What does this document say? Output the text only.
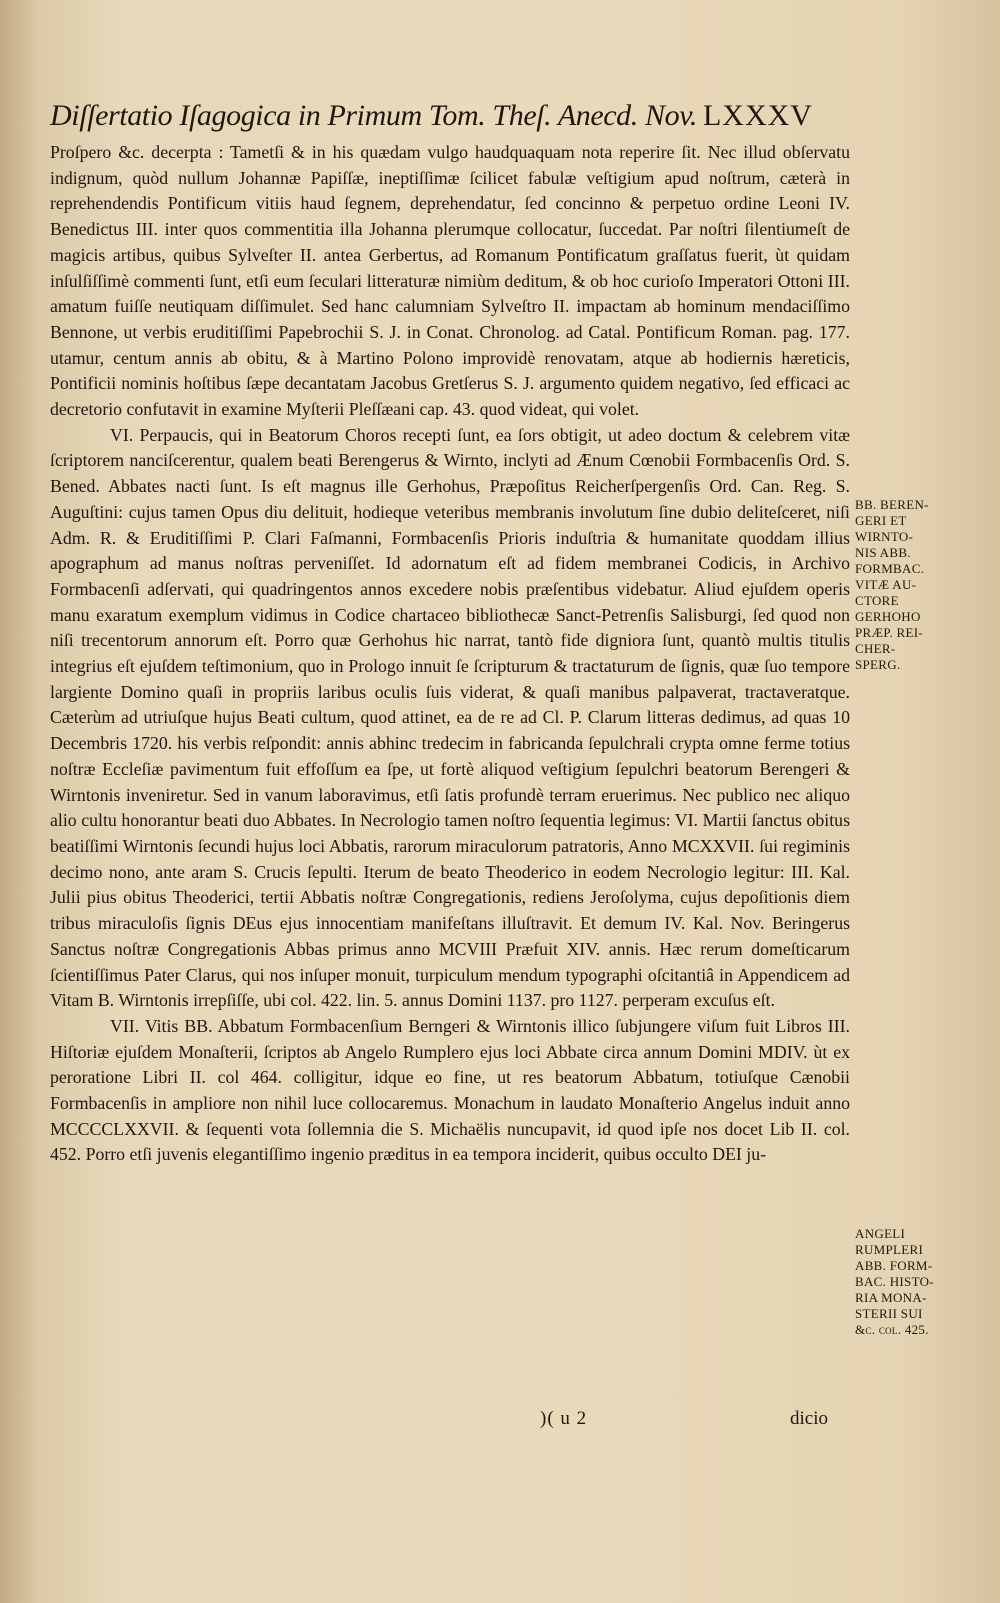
Diſſertatio Iſagogica in Primum Tom. Theſ. Anecd. Nov. LXXXV

Proſpero &c. decerpta : Tametſi & in his quædam vulgo haudquaquam nota reperire ſit. Nec illud obſervatu indignum, quòd nullum Johannæ Papiſſæ, ineptiſſimæ ſcilicet fabulæ veſtigium apud noſtrum, cæterà in reprehendendis Pontificum vitiis haud ſegnem, deprehendatur, ſed concinno & perpetuo ordine Leoni IV. Benedictus III. inter quos commentitia illa Johanna plerumque collocatur, ſuccedat. Par noſtri ſilentiumeſt de magicis artibus, quibus Sylveſter II. antea Gerbertus, ad Romanum Pontificatum graſſatus fuerit, ùt quidam inſulſiſſimè commenti ſunt, etſi eum ſeculari litteraturæ nimiùm deditum, & ob hoc curioſo Imperatori Ottoni III. amatum fuiſſe neutiquam diſſimulet. Sed hanc calumniam Sylveſtro II. impactam ab hominum mendaciſſimo Bennone, ut verbis eruditiſſimi Papebrochii S. J. in Conat. Chronolog. ad Catal. Pontificum Roman. pag. 177. utamur, centum annis ab obitu, & à Martino Polono improvidè renovatam, atque ab hodiernis hæreticis, Pontificii nominis hoſtibus ſæpe decantatam Jacobus Gretſerus S. J. argumento quidem negativo, ſed efficaci ac decretorio confutavit in examine Myſterii Pleſſæani cap. 43. quod videat, qui volet.

VI. Perpaucis, qui in Beatorum Choros recepti ſunt, ea ſors obtigit, ut adeo doctum & celebrem vitæ ſcriptorem nanciſcerentur, qualem beati Berengerus & Wirnto, inclyti ad Ænum Cœnobii Formbacenſis Ord. S. Bened. Abbates nacti ſunt. Is eſt magnus ille Gerhohus, Præpoſitus Reicherſpergenſis Ord. Can. Reg. S. Auguſtini: cujus tamen Opus diu delituit, hodieque veteribus membranis involutum ſine dubio deliteſceret, niſi Adm. R. & Eruditiſſimi P. Clari Faſmanni, Formbacenſis Prioris induſtria & humanitate quoddam illius apographum ad manus noſtras perveniſſet. Id adornatum eſt ad fidem membranei Codicis, in Archivo Formbacenſi adſervati, qui quadringentos annos excedere nobis præſentibus videbatur. Aliud ejuſdem operis manu exaratum exemplum vidimus in Codice chartaceo bibliothecæ Sanct-Petrenſis Salisburgi, ſed quod non niſi trecentorum annorum eſt. Porro quæ Gerhohus hic narrat, tantò fide digniora ſunt, quantò multis titulis integrius eſt ejuſdem teſtimonium, quo in Prologo innuit ſe ſcripturum & tractaturum de ſignis, quæ ſuo tempore largiente Domino quaſi in propriis laribus oculis ſuis viderat, & quaſi manibus palpaverat, tractaveratque. Cæterùm ad utriuſque hujus Beati cultum, quod attinet, ea de re ad Cl. P. Clarum litteras dedimus, ad quas 10 Decembris 1720. his verbis reſpondit: annis abhinc tredecim in fabricanda ſepulchrali crypta omne ferme totius noſtræ Eccleſiæ pavimentum fuit effoſſum ea ſpe, ut fortè aliquod veſtigium ſepulchri beatorum Berengeri & Wirntonis inveniretur. Sed in vanum laboravimus, etſi ſatis profundè terram eruerimus. Nec publico nec aliquo alio cultu honorantur beati duo Abbates. In Necrologio tamen noſtro ſequentia legimus: VI. Martii ſanctus obitus beatiſſimi Wirntonis ſecundi hujus loci Abbatis, rarorum miraculorum patratoris, Anno MCXXVII. ſui regiminis decimo nono, ante aram S. Crucis ſepulti. Iterum de beato Theoderico in eodem Necrologio legitur: III. Kal. Julii pius obitus Theoderici, tertii Abbatis noſtræ Congregationis, rediens Jeroſolyma, cujus depoſitionis diem tribus miraculoſis ſignis DEus ejus innocentiam manifeſtans illuſtravit. Et demum IV. Kal. Nov. Beringerus Sanctus noſtræ Congregationis Abbas primus anno MCVIII Præfuit XIV. annis. Hæc rerum domeſticarum ſcientiſſimus Pater Clarus, qui nos inſuper monuit, turpiculum mendum typographi oſcitantiâ in Appendicem ad Vitam B. Wirntonis irrepſiſſe, ubi col. 422. lin. 5. annus Domini 1137. pro 1127. perperam excuſus eſt.

VII. Vitis BB. Abbatum Formbacenſium Berngeri & Wirntonis illico ſubjungere viſum fuit Libros III. Hiſtoriæ ejuſdem Monaſterii, ſcriptos ab Angelo Rumplero ejus loci Abbate circa annum Domini MDIV. ùt ex peroratione Libri II. col 464. colligitur, idque eo fine, ut res beatorum Abbatum, totiuſque Cænobii Formbacenſis in ampliore non nihil luce collocaremus. Monachum in laudato Monaſterio Angelus induit anno MCCCCLXXVII. & ſequenti vota ſollemnia die S. Michaëlis nuncupavit, id quod ipſe nos docet Lib II. col. 452. Porro etſi juvenis elegantiſſimo ingenio præditus in ea tempora inciderit, quibus occulto DEI ju-

BB. BEREN-
GERI ET
WIRNTO-
NIS ABB.
FORMBAC.
VITÆ AU-
CTORE
GERHOHO
PRÆP. REI-
CHER-
SPERG.
ANGELI
RUMPLERI
ABB. FORM-
BAC. HISTO-
RIA MONA-
STERII SUI
&c. col. 425.
)( u 2	dicio
